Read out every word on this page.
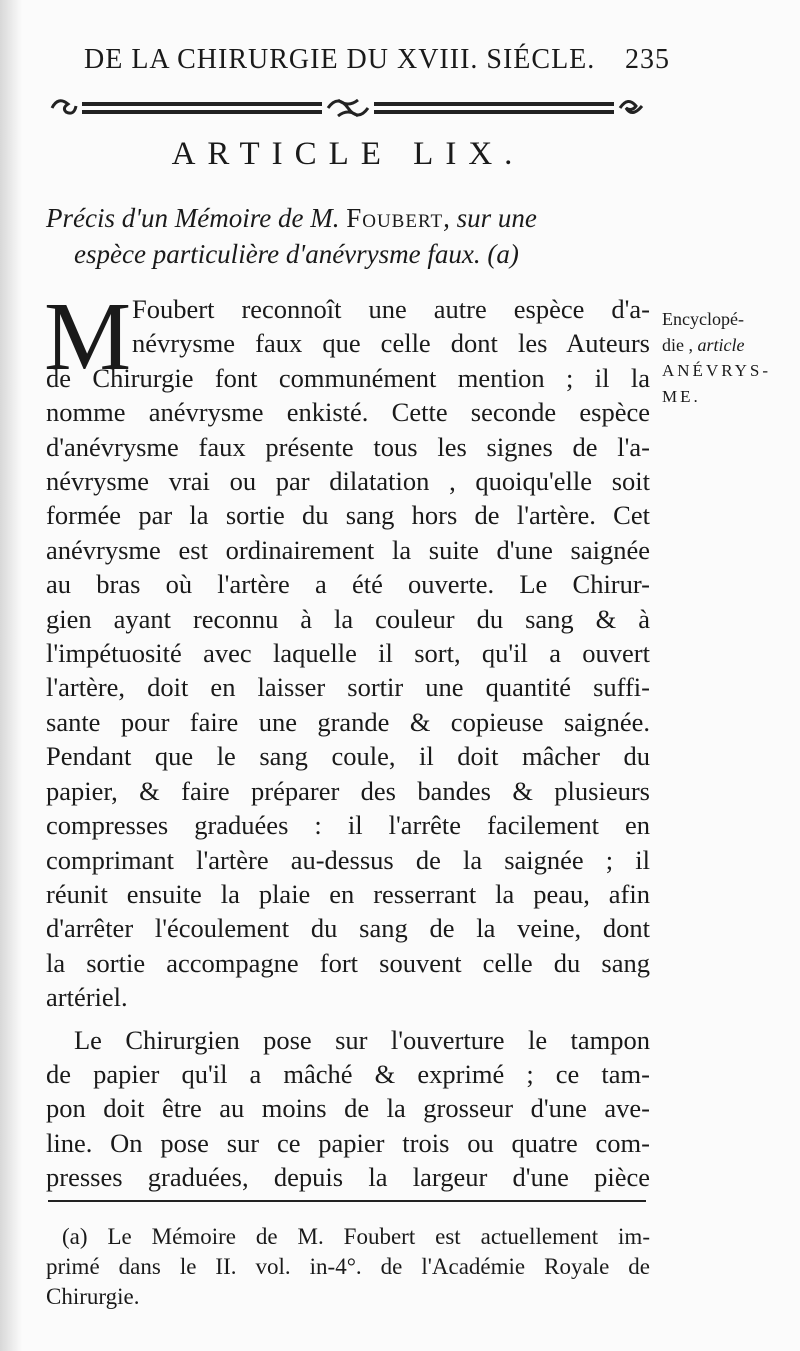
DE LA CHIRURGIE DU XVIII. SIÉCLE. 235
ARTICLE LIX.
Précis d'un Mémoire de M. Foubert, sur une
espèce particulière d'anévrysme faux. (a)
M Foubert reconnoît une autre espèce d'a-
névrysme faux que celle dont les Auteurs
de Chirurgie font communément mention ; il la
nomme anévrysme enkisté. Cette seconde espèce
d'anévrysme faux présente tous les signes de l'a-
névrysme vrai ou par dilatation , quoiqu'elle soit
formée par la sortie du sang hors de l'artère. Cet
anévrysme est ordinairement la suite d'une saignée
au bras où l'artère a été ouverte. Le Chirur-
gien ayant reconnu à la couleur du sang & à
l'impétuosité avec laquelle il sort, qu'il a ouvert
l'artère, doit en laisser sortir une quantité suffi-
sante pour faire une grande & copieuse saignée.
Pendant que le sang coule, il doit mâcher du
papier, & faire préparer des bandes & plusieurs
compresses graduées : il l'arrête facilement en
comprimant l'artère au-dessus de la saignée ; il
réunit ensuite la plaie en resserrant la peau, afin
d'arrêter l'écoulement du sang de la veine, dont
la sortie accompagne fort souvent celle du sang
artériel.
Le Chirurgien pose sur l'ouverture le tampon
de papier qu'il a mâché & exprimé ; ce tam-
pon doit être au moins de la grosseur d'une ave-
line. On pose sur ce papier trois ou quatre com-
presses graduées, depuis la largeur d'une pièce
Encyclopé-
die , article
ANÉVRYS-
ME.
(a) Le Mémoire de M. Foubert est actuellement im-
primé dans le II. vol. in-4°. de l'Académie Royale de
Chirurgie.
